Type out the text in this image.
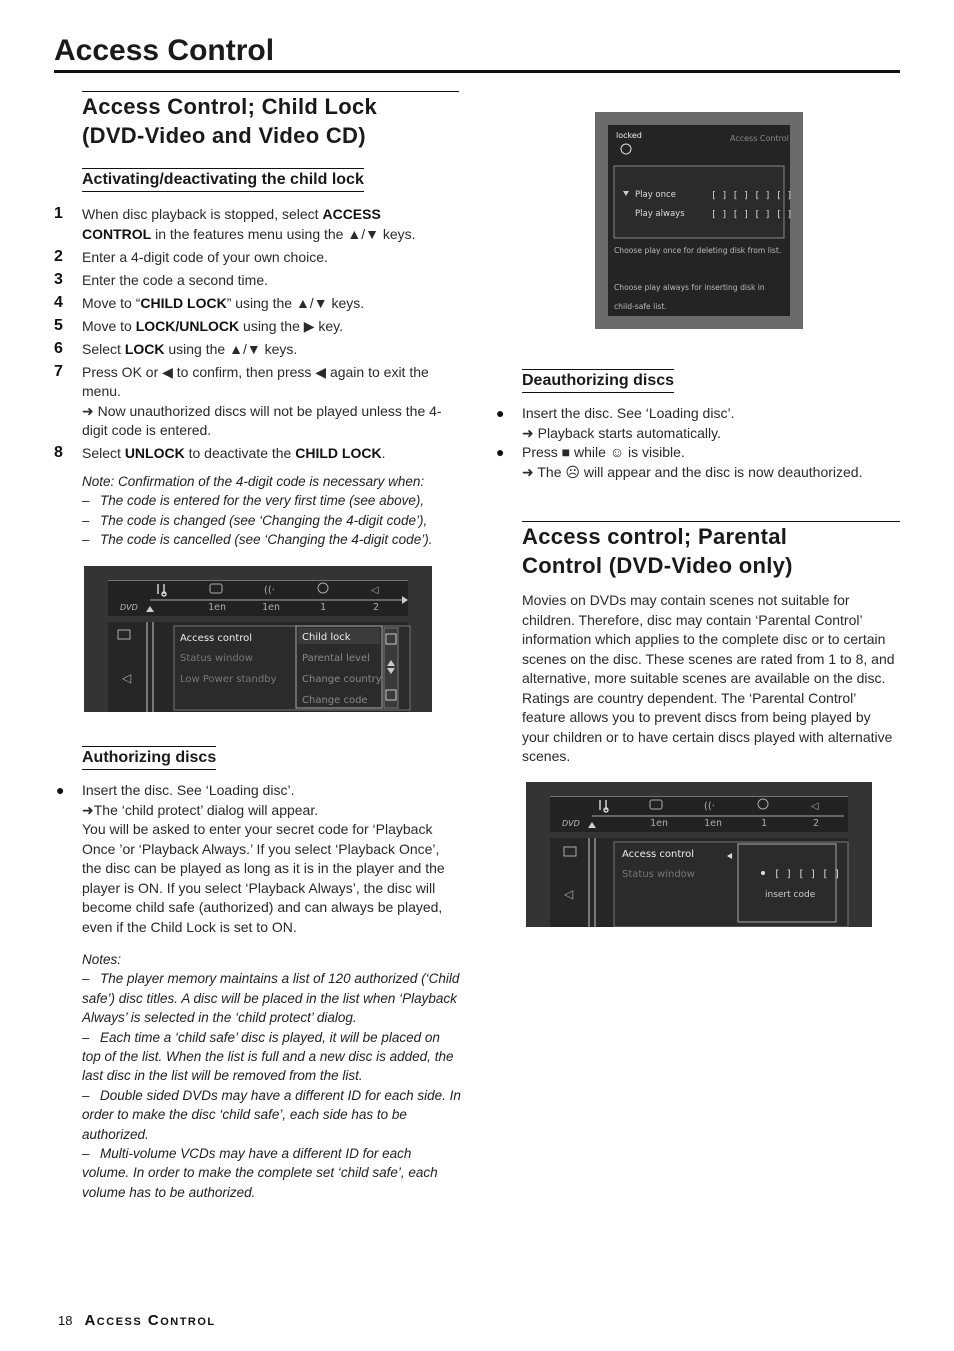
Access Control
Access Control; Child Lock
(DVD-Video and Video CD)
Activating/deactivating the child lock
1 When disc playback is stopped, select ACCESS CONTROL in the features menu using the ▲/▼ keys.
2 Enter a 4-digit code of your own choice.
3 Enter the code a second time.
4 Move to “CHILD LOCK” using the ▲/▼ keys.
5 Move to LOCK/UNLOCK using the ▶ key.
6 Select LOCK using the ▲/▼ keys.
7 Press OK or ◀ to confirm, then press ◀ again to exit the menu.
➜ Now unauthorized discs will not be played unless the 4-digit code is entered.
8 Select UNLOCK to deactivate the CHILD LOCK.
Note: Confirmation of the 4-digit code is necessary when:
– The code is entered for the very first time (see above),
– The code is changed (see ‘Changing the 4-digit code’),
– The code is cancelled (see ‘Changing the 4-digit code’).
((·	◁
DVD	1en	1en	1	2
◁
Access control
Status window
Low Power standby
Child lock
Parental level
Change country
Change code
Authorizing discs
● Insert the disc. See ‘Loading disc’.
➜The ‘child protect’ dialog will appear.
You will be asked to enter your secret code for ‘Playback Once ’or ‘Playback Always.’ If you select ‘Playback Once’, the disc can be played as long as it is in the player and the player is ON. If you select ‘Playback Always’, the disc will become child safe (authorized) and can always be played, even if the Child Lock is set to ON.
Notes:
– The player memory maintains a list of 120 authorized (‘Child safe’) disc titles. A disc will be placed in the list when ‘Playback Always’ is selected in the ‘child protect’ dialog.
– Each time a ‘child safe’ disc is played, it will be placed on top of the list. When the list is full and a new disc is added, the last disc in the list will be removed from the list.
– Double sided DVDs may have a different ID for each side. In order to make the disc ‘child safe’, each side has to be authorized.
– Multi-volume VCDs may have a different ID for each volume. In order to make the complete set ‘child safe’, each volume has to be authorized.
locked	Access Control
Play once
Play always
[ ] [ ] [ ] [ ]
[ ] [ ] [ ] [ ]
Choose play once for deleting disk from list.
Choose play always for inserting disk in
child-safe list.
Deauthorizing discs
● Insert the disc. See ‘Loading disc’.
➜ Playback starts automatically.
● Press ■ while ☺ is visible.
➜ The ☹ will appear and the disc is now deauthorized.
Access control; Parental
Control (DVD-Video only)
Movies on DVDs may contain scenes not suitable for children. Therefore, disc may contain ‘Parental Control’ information which applies to the complete disc or to certain scenes on the disc. These scenes are rated from 1 to 8, and alternative, more suitable scenes are available on the disc. Ratings are country dependent. The ‘Parental Control’ feature allows you to prevent discs from being played by your children or to have certain discs played with alternative scenes.
((·	◁
DVD	1en	1en	1	2
◁
Access control
Status window	[ ] [ ] [ ]
insert code
18 Access Control
